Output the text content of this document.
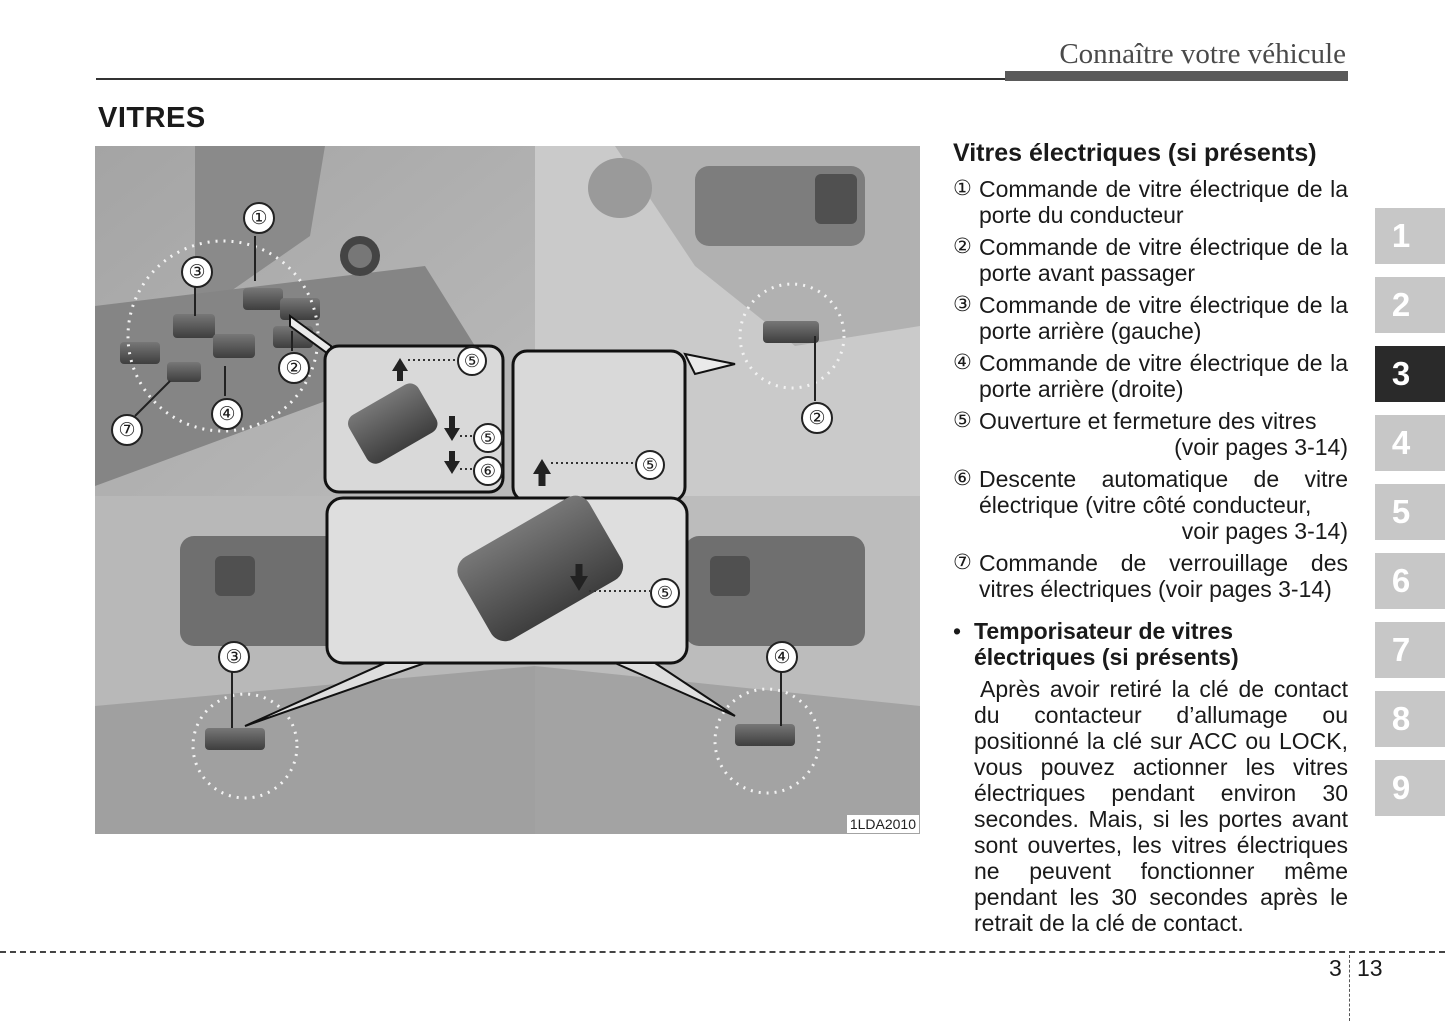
Connaître votre véhicule
VITRES
①
③
②
④
⑦
②
⑤
⑤
⑥	⑤
⑤
③	④
1LDA2010
Vitres électriques (si présents)
① Commande de vitre électrique de la porte du conducteur
② Commande de vitre électrique de la porte avant passager
③ Commande de vitre électrique de la porte arrière (gauche)
④ Commande de vitre électrique de la porte arrière (droite)
⑤ Ouverture et fermeture des vitres
(voir pages 3-14)
⑥ Descente automatique de vitre électrique (vitre côté conducteur,
voir pages 3-14)
⑦ Commande de verrouillage des vitres électriques (voir pages 3-14)
• Temporisateur de vitres électriques (si présents)
Après avoir retiré la clé de contact du contacteur d’allumage ou positionné la clé sur ACC ou LOCK, vous pouvez actionner les vitres électriques pendant environ 30 secondes. Mais, si les portes avant sont ouvertes, les vitres électriques ne peuvent fonctionner même pendant les 30 secondes après le retrait de la clé de contact.
1
2
3
4
5
6
7
8
9
3 13
